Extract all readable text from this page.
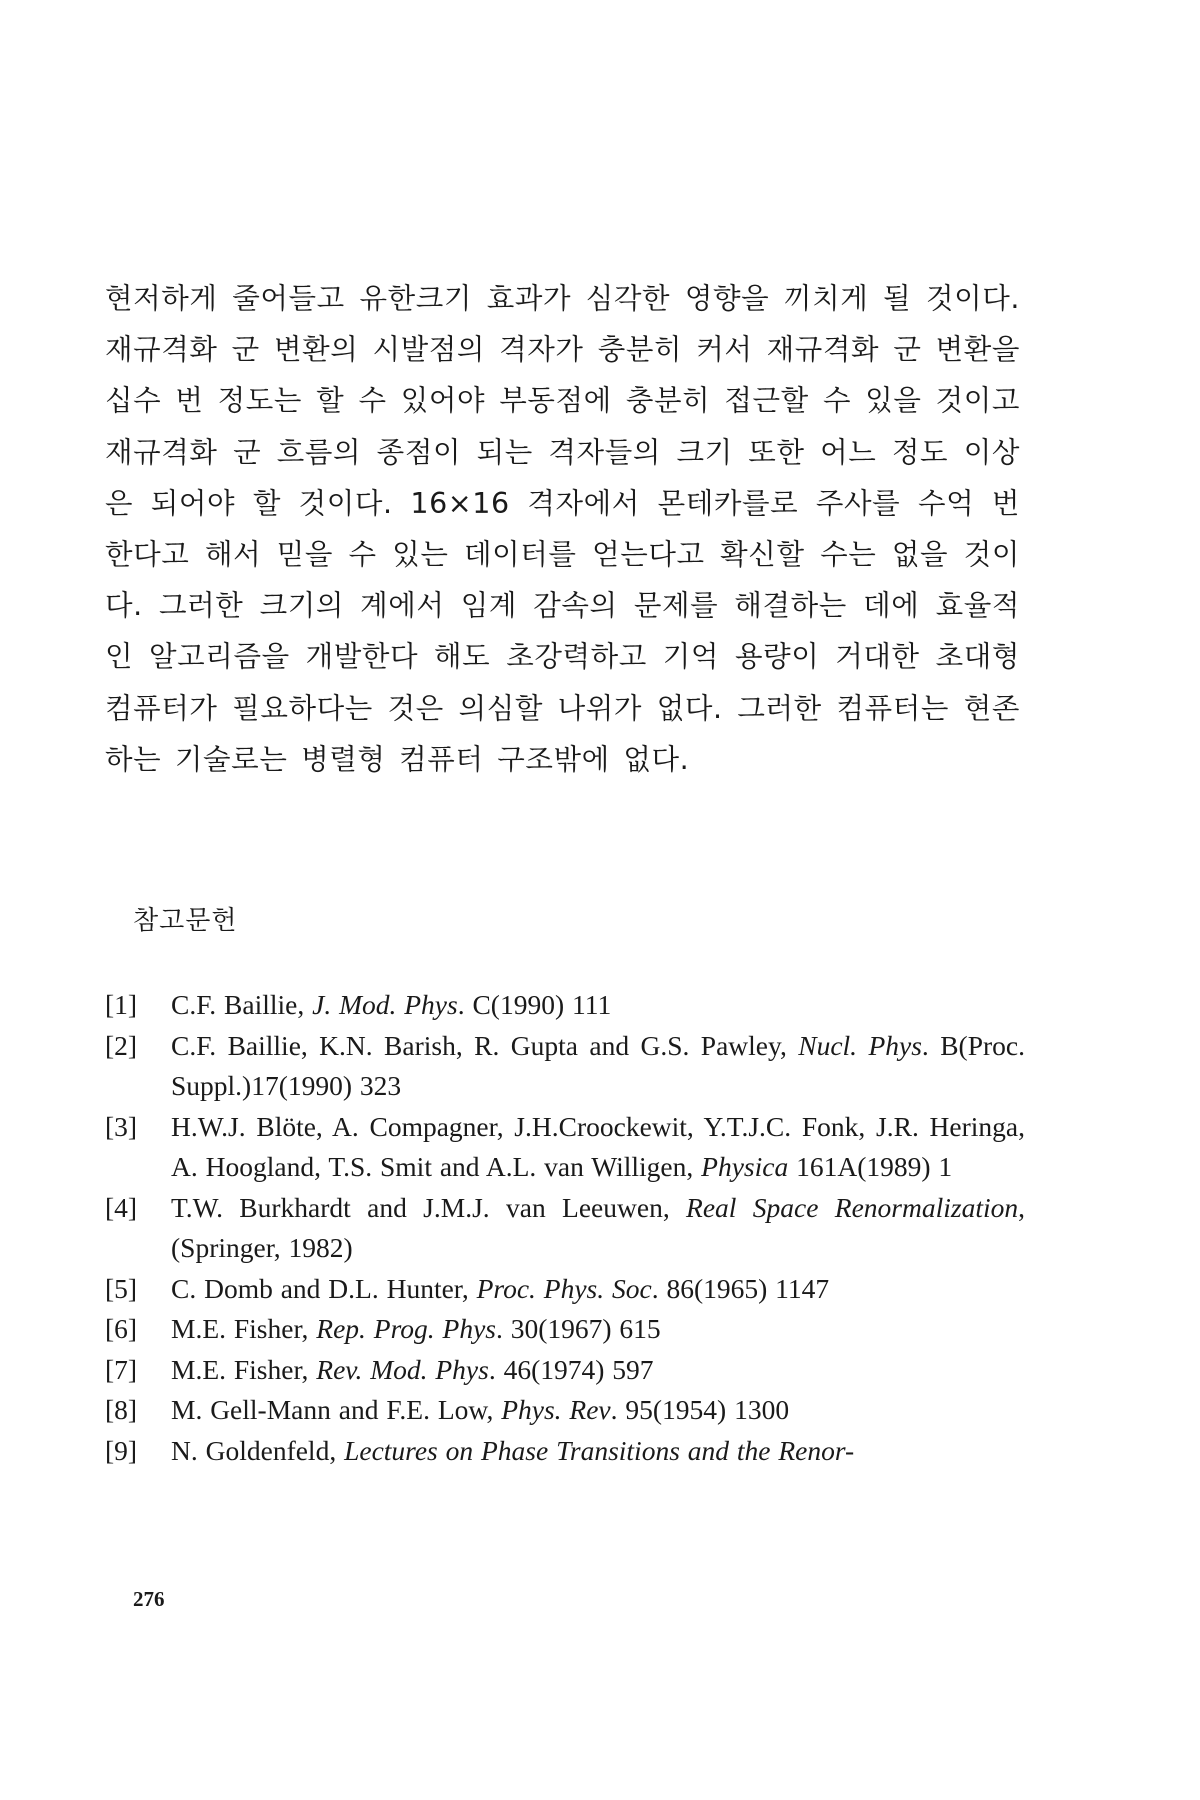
현저하게 줄어들고 유한크기 효과가 심각한 영향을 끼치게 될 것이다. 재규격화 군 변환의 시발점의 격자가 충분히 커서 재규격화 군 변환을 십수 번 정도는 할 수 있어야 부동점에 충분히 접근할 수 있을 것이고 재규격화 군 흐름의 종점이 되는 격자들의 크기 또한 어느 정도 이상은 되어야 할 것이다. 16×16 격자에서 몬테카를로 주사를 수억 번 한다고 해서 믿을 수 있는 데이터를 얻는다고 확신할 수는 없을 것이다. 그러한 크기의 계에서 임계 감속의 문제를 해결하는 데에 효율적인 알고리즘을 개발한다 해도 초강력하고 기억 용량이 거대한 초대형 컴퓨터가 필요하다는 것은 의심할 나위가 없다. 그러한 컴퓨터는 현존하는 기술로는 병렬형 컴퓨터 구조밖에 없다.

참고문헌
[1]	C.F. Baillie, J. Mod. Phys. C(1990) 111
[2]	C.F. Baillie, K.N. Barish, R. Gupta and G.S. Pawley, Nucl. Phys. B(Proc. Suppl.)17(1990) 323
[3]	H.W.J. Blöte, A. Compagner, J.H.Croockewit, Y.T.J.C. Fonk, J.R. Heringa, A. Hoogland, T.S. Smit and A.L. van Willigen, Physica 161A(1989) 1
[4]	T.W. Burkhardt and J.M.J. van Leeuwen, Real Space Renormalization, (Springer, 1982)
[5]	C. Domb and D.L. Hunter, Proc. Phys. Soc. 86(1965) 1147
[6]	M.E. Fisher, Rep. Prog. Phys. 30(1967) 615
[7]	M.E. Fisher, Rev. Mod. Phys. 46(1974) 597
[8]	M. Gell-Mann and F.E. Low, Phys. Rev. 95(1954) 1300
[9]	N. Goldenfeld, Lectures on Phase Transitions and the Renor-
276
